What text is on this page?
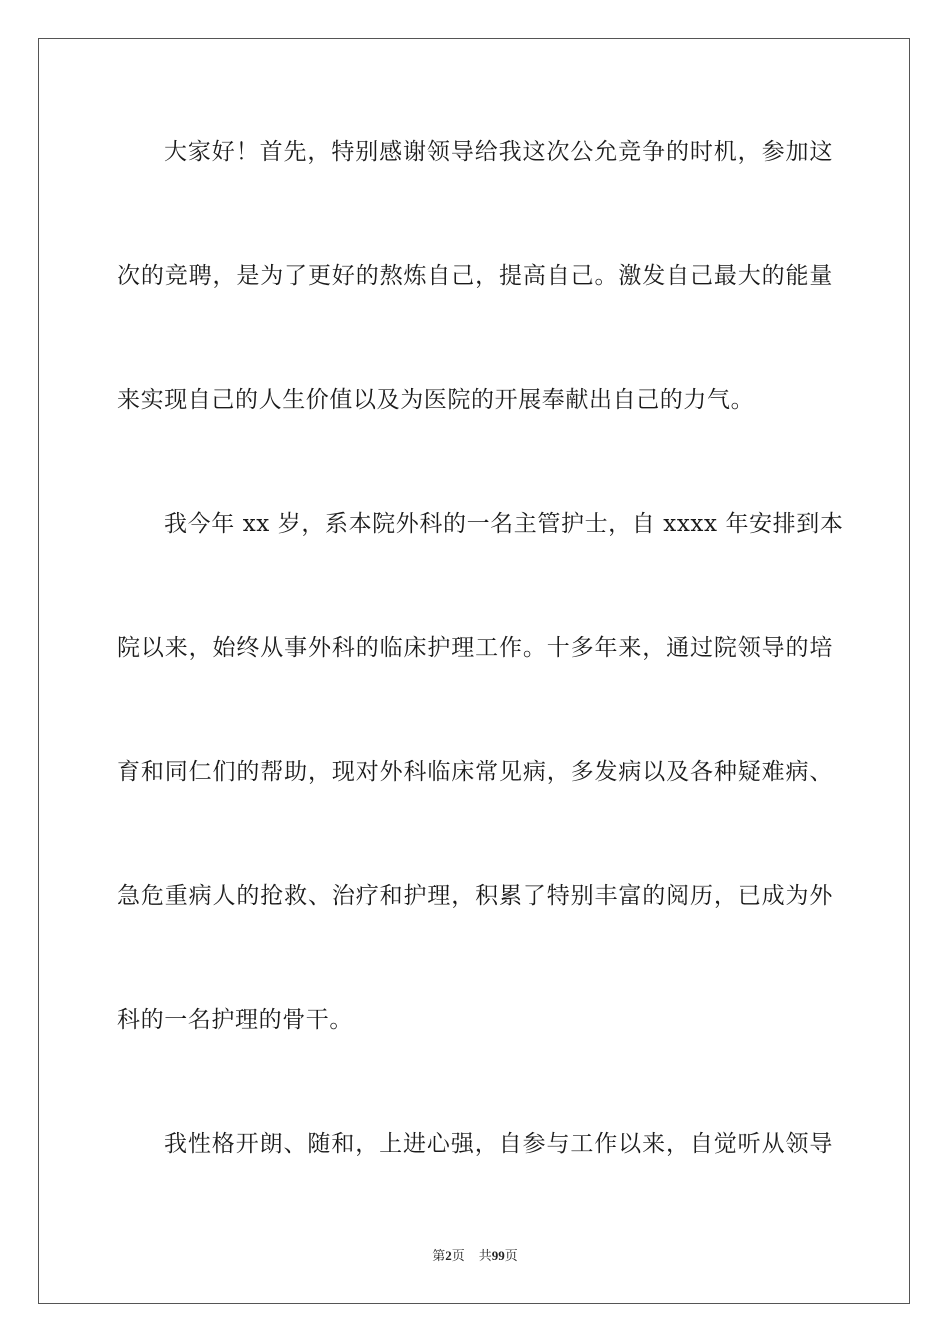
大家好！首先，特别感谢领导给我这次公允竞争的时机，参加这
次的竞聘，是为了更好的熬炼自己，提高自己。激发自己最大的能量
来实现自己的人生价值以及为医院的开展奉献出自己的力气。
我今年 xx 岁，系本院外科的一名主管护士，自 xxxx 年安排到本
院以来，始终从事外科的临床护理工作。十多年来，通过院领导的培
育和同仁们的帮助，现对外科临床常见病，多发病以及各种疑难病、
急危重病人的抢救、治疗和护理，积累了特别丰富的阅历，已成为外
科的一名护理的骨干。
我性格开朗、随和，上进心强，自参与工作以来，自觉听从领导
第2页 共99页
